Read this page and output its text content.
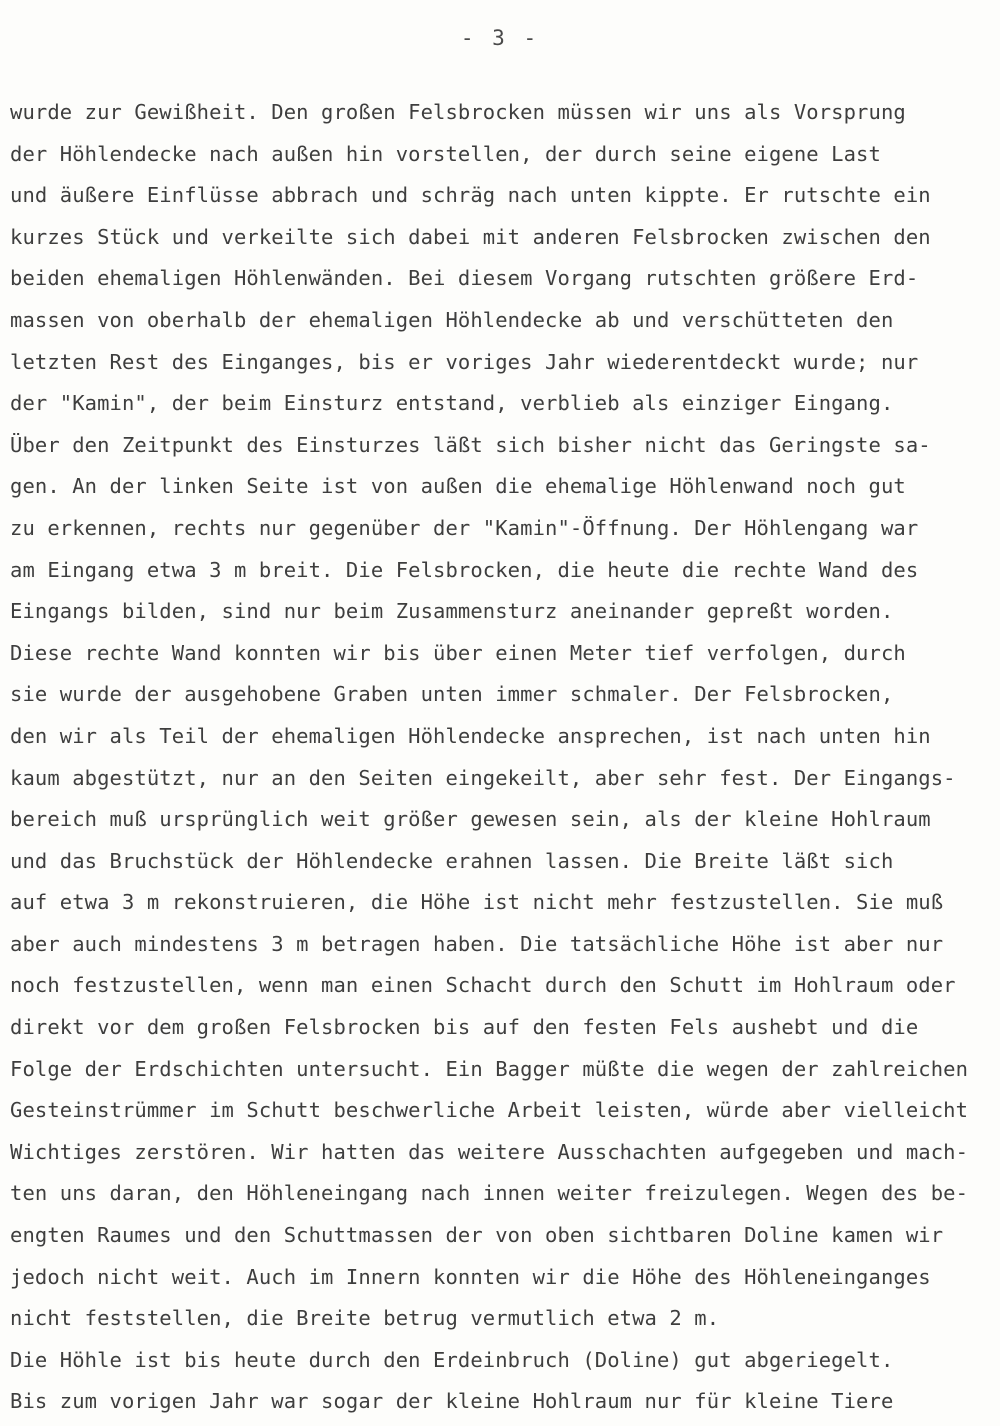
- 3 -
wurde zur Gewißheit. Den großen Felsbrocken müssen wir uns als Vorsprung
der Höhlendecke nach außen hin vorstellen, der durch seine eigene Last
und äußere Einflüsse abbrach und schräg nach unten kippte. Er rutschte ein
kurzes Stück und verkeilte sich dabei mit anderen Felsbrocken zwischen den
beiden ehemaligen Höhlenwänden. Bei diesem Vorgang rutschten größere Erd-
massen von oberhalb der ehemaligen Höhlendecke ab und verschütteten den
letzten Rest des Einganges, bis er voriges Jahr wiederentdeckt wurde; nur
der "Kamin", der beim Einsturz entstand, verblieb als einziger Eingang.
Über den Zeitpunkt des Einsturzes läßt sich bisher nicht das Geringste sa-
gen. An der linken Seite ist von außen die ehemalige Höhlenwand noch gut
zu erkennen, rechts nur gegenüber der "Kamin"-Öffnung. Der Höhlengang war
am Eingang etwa 3 m breit. Die Felsbrocken, die heute die rechte Wand des
Eingangs bilden, sind nur beim Zusammensturz aneinander gepreßt worden.
Diese rechte Wand konnten wir bis über einen Meter tief verfolgen, durch
sie wurde der ausgehobene Graben unten immer schmaler. Der Felsbrocken,
den wir als Teil der ehemaligen Höhlendecke ansprechen, ist nach unten hin
kaum abgestützt, nur an den Seiten eingekeilt, aber sehr fest. Der Eingangs-
bereich muß ursprünglich weit größer gewesen sein, als der kleine Hohlraum
und das Bruchstück der Höhlendecke erahnen lassen. Die Breite läßt sich
auf etwa 3 m rekonstruieren, die Höhe ist nicht mehr festzustellen. Sie muß
aber auch mindestens 3 m betragen haben. Die tatsächliche Höhe ist aber nur
noch festzustellen, wenn man einen Schacht durch den Schutt im Hohlraum oder
direkt vor dem großen Felsbrocken bis auf den festen Fels aushebt und die
Folge der Erdschichten untersucht. Ein Bagger müßte die wegen der zahlreichen
Gesteinstrümmer im Schutt beschwerliche Arbeit leisten, würde aber vielleicht
Wichtiges zerstören. Wir hatten das weitere Ausschachten aufgegeben und mach-
ten uns daran, den Höhleneingang nach innen weiter freizulegen. Wegen des be-
engten Raumes und den Schuttmassen der von oben sichtbaren Doline kamen wir
jedoch nicht weit. Auch im Innern konnten wir die Höhe des Höhleneinganges
nicht feststellen, die Breite betrug vermutlich etwa 2 m.
Die Höhle ist bis heute durch den Erdeinbruch (Doline) gut abgeriegelt.
Bis zum vorigen Jahr war sogar der kleine Hohlraum nur für kleine Tiere
